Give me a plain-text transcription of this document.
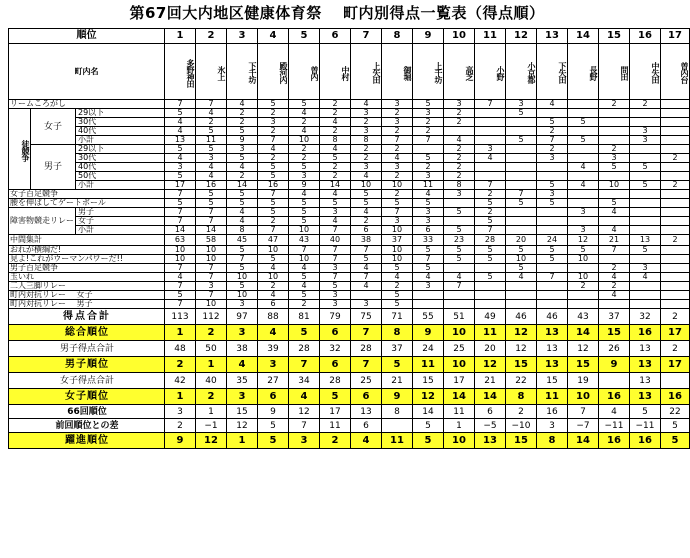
第67回大内地区健康体育祭　 町内別得点一覧表（得点順）
順位			1	2	3	4	5	6	7	8	9	10	11	12	13	14	15	16	17
町内名			多野神田	氷上	下千坊	殿河内	曽内	中村	上矢田	御堀	上千坊	高芝	小野	小京都	下矢田	長野	問田	中矢田	曽内台
リームころがし			7	7	4	5	5	2	4	3	5	3	7	3	4		2	2	
徒競争	女子	29以下	5	4	2	2	4	2	3	2	3	2		5					
		30代	4	2	2	3	2	4	2	3	2	2			5	5			
		40代	4	5	5	2	4	2	3	2	2				2			3	
		小計	13	11	9	7	10	8	8	7	7	4		5	7	5		3	
	男子	29以下	5	5	3	4	2	4	2	2		2	3		2		2		
		30代	4	3	5	2	2	5	2	4	5	2	4		3		3		2
		40代	3	4	4	5	5	2	3	3	2	2				4	5	5	
		50代	5	4	2	5	3	2	4	2	3	2							
		小計	17	16	14	16	9	14	10	10	11	8	7		5	4	10	5	2
女子百足競争			7	5	5	7	4	4	5	2	4	3	2	7	3				
腰を伸ばしてゲートボール			5	5	5	5	5	5	5	5	5		5	5	5		5		
障害物競走リレー		男子	7	7	4	5	5	3	4	7	3	5	2			3	4		
		女子	7	7	4	2	5	4	2	3	3		5						
		小計	14	14	8	7	10	7	6	10	6	5	7			3	4		
中間集計			63	58	45	47	43	40	38	37	33	23	28	20	24	12	21	13	2
おれが横綱だ!			10	10	5	10	7	7	7	10	5	5	5	5	5	5	7	5	
見よ!これがウーマンパワーだ!!			10	10	7	5	10	7	5	10	7	5	5	10	5	10			
男子百足競争			7	7	5	4	4	3	4	5	5			5			2	3	
玉いれ			4	7	10	10	5	7	7	4	4	4	5	4	7	10	4	4	
二人三脚リレー			7	3	5	2	4	5	4	2	3	7				2	2		
町内対抗リレー　 女子			5	7	10	4	5	3		5							4		
町内対抗リレー　 男子			7	10	3	6	2	3	3	5									
得点合計			113	112	97	88	81	79	75	71	55	51	49	46	46	43	37	32	2
総合順位			1	2	3	4	5	6	7	8	9	10	11	12	13	14	15	16	17
男子得点合計			48	50	38	39	28	32	28	37	24	25	20	12	13	12	26	13	2
男子順位			2	1	4	3	7	6	7	5	11	10	12	15	13	15	9	13	17
女子得点合計			42	40	35	27	34	28	25	21	15	17	21	22	15	19		13	
女子順位			1	2	3	6	4	5	6	9	12	14	14	8	11	10	16	13	16
66回順位			3	1	15	9	12	17	13	8	14	11	6	2	16	7	4	5	22
前回順位との差			2	−1	12	5	7	11	6		5	1	−5	−10	3	−7	−11	−11	5
躍進順位			9	12	1	5	3	2	4	11	5	10	13	15	8	14	16	16	5
